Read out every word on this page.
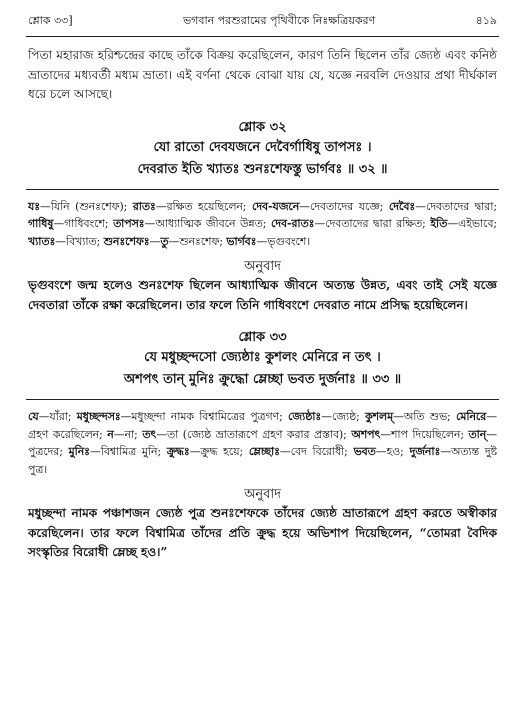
শ্লোক ৩৩]	ভগবান পরশুরামের পৃথিবীকে নিঃক্ষত্রিয়করণ	৪১৯

পিতা মহারাজ হরিশ্চন্দ্রের কাছে তাঁকে বিক্রয় করেছিলেন, কারণ তিনি ছিলেন তাঁর জ্যেষ্ঠ এবং কনিষ্ঠ ভ্রাতাদের মধ্যবর্তী মধ্যম ভ্রাতা। এই বর্ণনা থেকে বোঝা যায় যে, যজ্ঞে নরবলি দেওয়ার প্রথা দীর্ঘকাল ধরে চলে আসছে।

শ্লোক ৩২
যো রাতো দেবযজনে দেবৈর্গাধিষু তাপসঃ ।
দেবরাত ইতি খ্যাতঃ শুনঃশেফস্তু ভার্গবঃ ॥ ৩২ ॥

যঃ—যিনি (শুনঃশেফ); রাতঃ—রক্ষিত হয়েছিলেন; দেব-যজনে—দেবতাদের যজ্ঞে; দেবৈঃ—দেবতাদের দ্বারা; গাধিষু—গাধিবংশে; তাপসঃ—আধ্যাত্মিক জীবনে উন্নত; দেব-রাতঃ—দেবতাদের দ্বারা রক্ষিত; ইতি—এইভাবে; খ্যাতঃ—বিখ্যাত; শুনঃশেফঃ—তু—শুনঃশেফ; ভার্গবঃ—ভৃগুবংশে।

অনুবাদ

ভৃগুবংশে জন্ম হলেও শুনঃশেফ ছিলেন আধ্যাত্মিক জীবনে অত্যন্ত উন্নত, এবং তাই সেই যজ্ঞে দেবতারা তাঁকে রক্ষা করেছিলেন। তার ফলে তিনি গাধিবংশে দেবরাত নামে প্রসিদ্ধ হয়েছিলেন।

শ্লোক ৩৩
যে মধুচ্ছন্দসো জ্যেষ্ঠাঃ কুশলং মেনিরে ন তৎ ।
অশপৎ তান্ মুনিঃ ক্রুদ্ধো ম্লেচ্ছা ভবত দুর্জনাঃ ॥ ৩৩ ॥

যে—যাঁরা; মধুচ্ছন্দসঃ—মধুচ্ছন্দা নামক বিশ্বামিত্রের পুত্রগণ; জ্যেষ্ঠাঃ—জ্যেষ্ঠ; কুশলম্—অতি শুভ; মেনিরে—গ্রহণ করেছিলেন; ন—না; তৎ—তা (জ্যেষ্ঠ ভ্রাতারূপে গ্রহণ করার প্রস্তাব); অশপৎ—শাপ দিয়েছিলেন; তান্—পুত্রদের; মুনিঃ—বিশ্বামিত্র মুনি; ক্রুদ্ধঃ—ক্রুদ্ধ হয়ে; ম্লেচ্ছাঃ—বেদ বিরোধী; ভবত—হও; দুর্জনাঃ—অত্যন্ত দুষ্ট পুত্র।

অনুবাদ

মধুচ্ছন্দা নামক পঞ্চাশজন জ্যেষ্ঠ পুত্র শুনঃশেফকে তাঁদের জ্যেষ্ঠ ভ্রাতারূপে গ্রহণ করতে অস্বীকার করেছিলেন। তার ফলে বিশ্বামিত্র তাঁদের প্রতি ক্রুদ্ধ হয়ে অভিশাপ দিয়েছিলেন, “তোমরা বৈদিক সংস্কৃতির বিরোধী ম্লেচ্ছ হও।”
